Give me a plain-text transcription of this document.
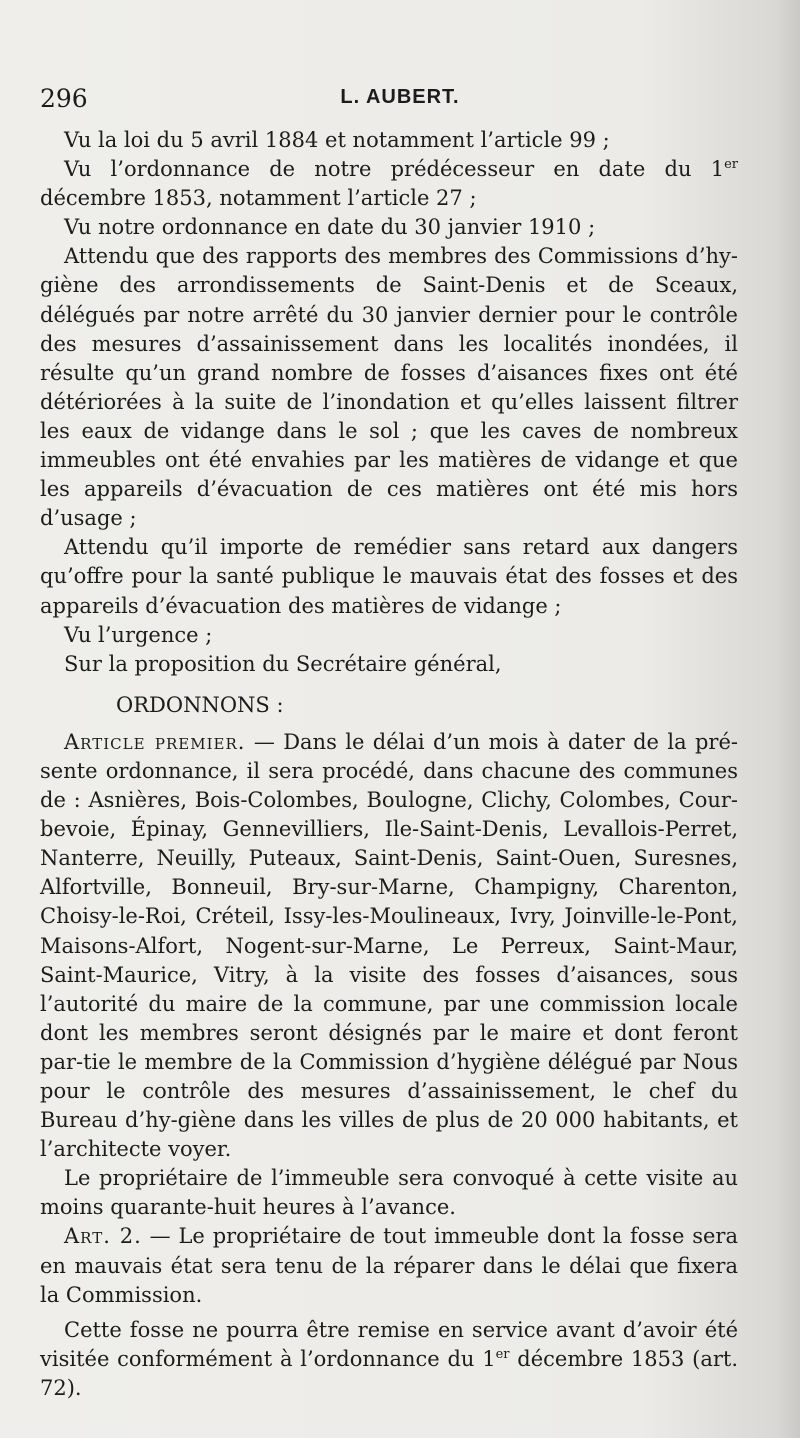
296	L. AUBERT.

Vu la loi du 5 avril 1884 et notamment l’article 99 ;

Vu l’ordonnance de notre prédécesseur en date du 1er décembre 1853, notamment l’article 27 ;

Vu notre ordonnance en date du 30 janvier 1910 ;

Attendu que des rapports des membres des Commissions d’hy-giène des arrondissements de Saint-Denis et de Sceaux, délégués par notre arrêté du 30 janvier dernier pour le contrôle des mesures d’assainissement dans les localités inondées, il résulte qu’un grand nombre de fosses d’aisances fixes ont été détériorées à la suite de l’inondation et qu’elles laissent filtrer les eaux de vidange dans le sol ; que les caves de nombreux immeubles ont été envahies par les matières de vidange et que les appareils d’évacuation de ces matières ont été mis hors d’usage ;

Attendu qu’il importe de remédier sans retard aux dangers qu’offre pour la santé publique le mauvais état des fosses et des appareils d’évacuation des matières de vidange ;

Vu l’urgence ;

Sur la proposition du Secrétaire général,

ORDONNONS :

Article premier. — Dans le délai d’un mois à dater de la pré-sente ordonnance, il sera procédé, dans chacune des communes de : Asnières, Bois-Colombes, Boulogne, Clichy, Colombes, Cour-bevoie, Épinay, Gennevilliers, Ile-Saint-Denis, Levallois-Perret, Nanterre, Neuilly, Puteaux, Saint-Denis, Saint-Ouen, Suresnes, Alfortville, Bonneuil, Bry-sur-Marne, Champigny, Charenton, Choisy-le-Roi, Créteil, Issy-les-Moulineaux, Ivry, Joinville-le-Pont, Maisons-Alfort, Nogent-sur-Marne, Le Perreux, Saint-Maur, Saint-Maurice, Vitry, à la visite des fosses d’aisances, sous l’autorité du maire de la commune, par une commission locale dont les membres seront désignés par le maire et dont feront par-tie le membre de la Commission d’hygiène délégué par Nous pour le contrôle des mesures d’assainissement, le chef du Bureau d’hy-giène dans les villes de plus de 20 000 habitants, et l’architecte voyer.

Le propriétaire de l’immeuble sera convoqué à cette visite au moins quarante-huit heures à l’avance.

Art. 2. — Le propriétaire de tout immeuble dont la fosse sera en mauvais état sera tenu de la réparer dans le délai que fixera la Commission.

Cette fosse ne pourra être remise en service avant d’avoir été visitée conformément à l’ordonnance du 1er décembre 1853 (art. 72).
